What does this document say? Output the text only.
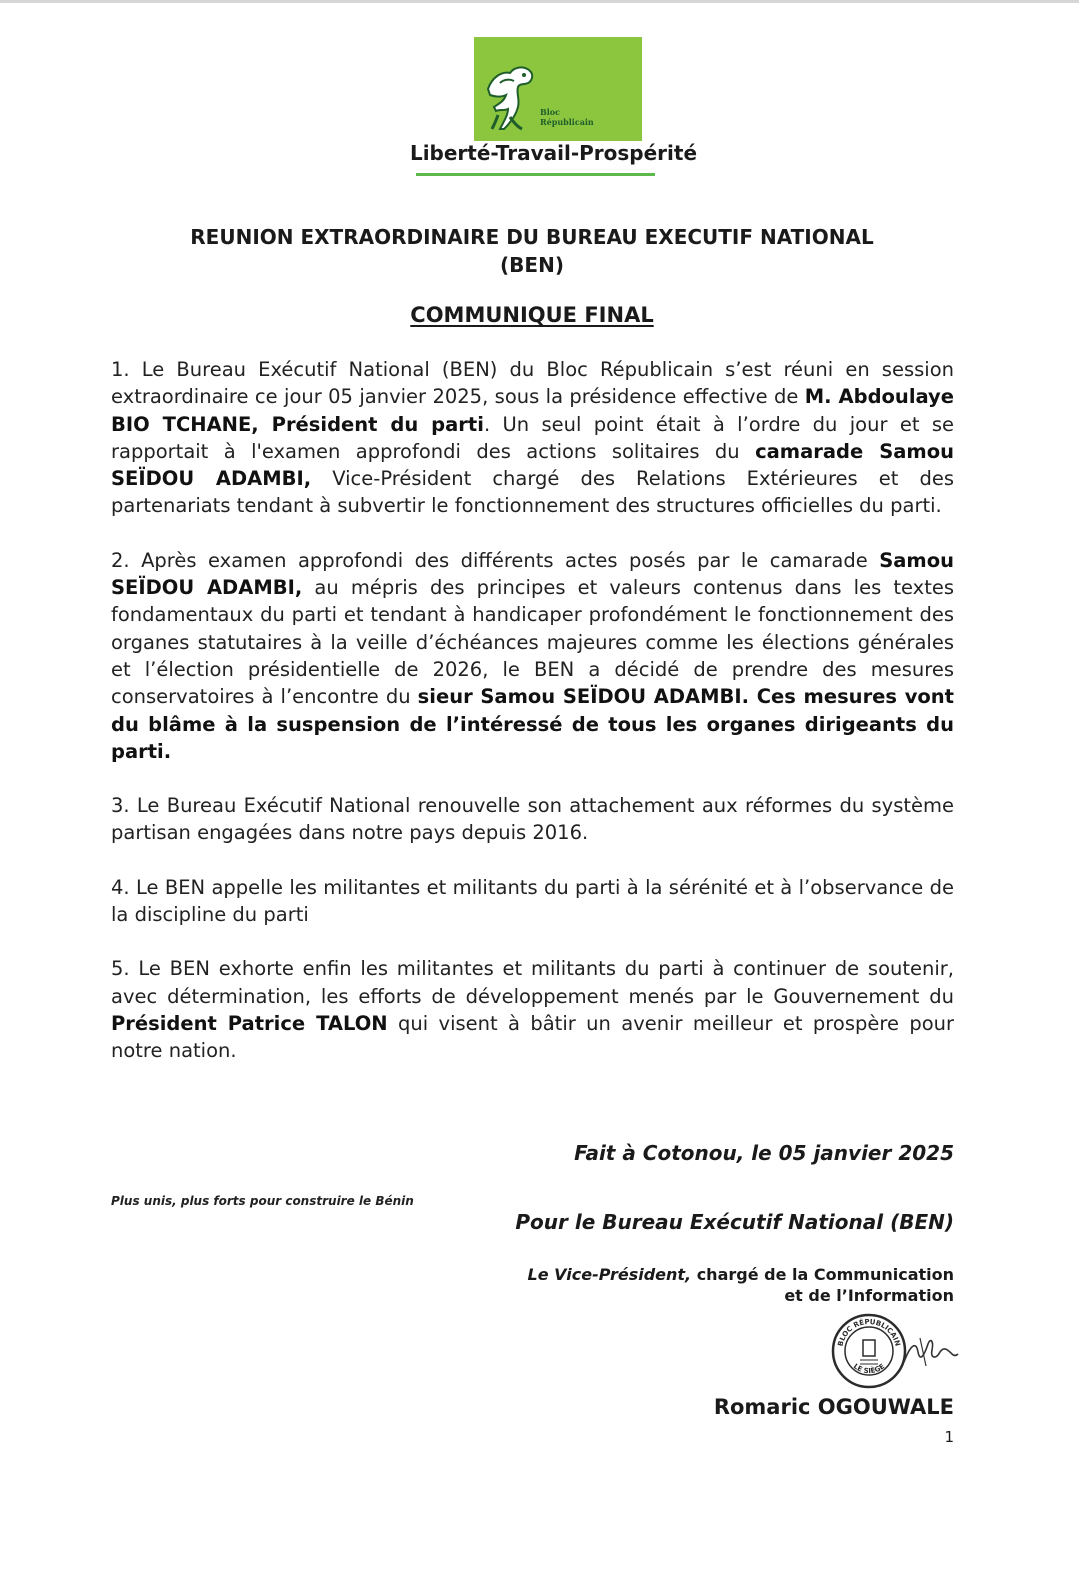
Bloc
Républicain
Liberté-Travail-Prospérité
REUNION EXTRAORDINAIRE DU BUREAU EXECUTIF NATIONAL
(BEN)
COMMUNIQUE FINAL

1. Le Bureau Exécutif National (BEN) du Bloc Républicain s’est réuni en session extraordinaire ce jour 05 janvier 2025, sous la présidence effective de M. Abdoulaye BIO TCHANE, Président du parti. Un seul point était à l’ordre du jour et se rapportait à l'examen approfondi des actions solitaires du camarade Samou SEÏDOU ADAMBI, Vice-Président chargé des Relations Extérieures et des partenariats tendant à subvertir le fonctionnement des structures officielles du parti.

2. Après examen approfondi des différents actes posés par le camarade Samou SEÏDOU ADAMBI, au mépris des principes et valeurs contenus dans les textes fondamentaux du parti et tendant à handicaper profondément le fonctionnement des organes statutaires à la veille d’échéances majeures comme les élections générales et l’élection présidentielle de 2026, le BEN a décidé de prendre des mesures conservatoires à l’encontre du sieur Samou SEÏDOU ADAMBI. Ces mesures vont du blâme à la suspension de l’intéressé de tous les organes dirigeants du parti.

3. Le Bureau Exécutif National renouvelle son attachement aux réformes du système partisan engagées dans notre pays depuis 2016.

4. Le BEN appelle les militantes et militants du parti à la sérénité et à l’observance de la discipline du parti

5. Le BEN exhorte enfin les militantes et militants du parti à continuer de soutenir, avec détermination, les efforts de développement menés par le Gouvernement du Président Patrice TALON qui visent à bâtir un avenir meilleur et prospère pour notre nation.

Fait à Cotonou, le 05 janvier 2025
Plus unis, plus forts pour construire le Bénin
Pour le Bureau Exécutif National (BEN)
Le Vice-Président, chargé de la Communication
et de l’Information
BLOC RÉPUBLICAIN
LE SIÈGE
Romaric OGOUWALE
1
